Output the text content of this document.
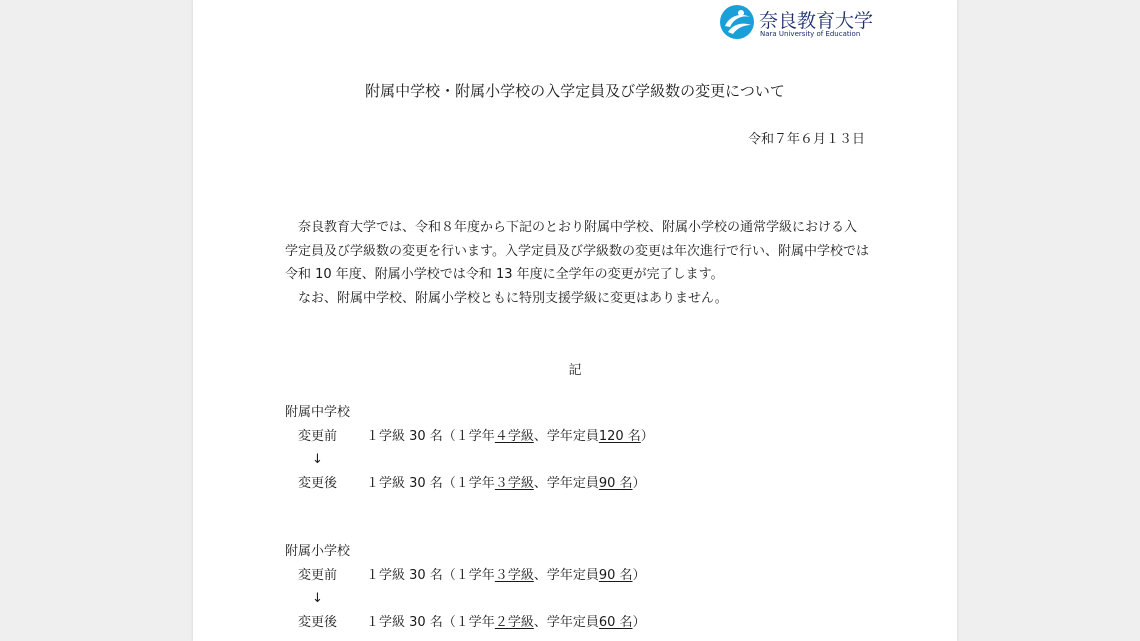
奈良教育大学
Nara University of Education
附属中学校・附属小学校の入学定員及び学級数の変更について
令和７年６月１３日

奈良教育大学では、令和８年度から下記のとおり附属中学校、附属小学校の通常学級における入学定員及び学級数の変更を行います。入学定員及び学級数の変更は年次進行で行い、附属中学校では令和 10 年度、附属小学校では令和 13 年度に全学年の変更が完了します。

なお、附属中学校、附属小学校ともに特別支援学級に変更はありません。

記
附属中学校
変更前 １学級 30 名（１学年４学級、学年定員120 名）
↓
変更後 １学級 30 名（１学年３学級、学年定員90 名）
附属小学校
変更前 １学級 30 名（１学年３学級、学年定員90 名）
↓
変更後 １学級 30 名（１学年２学級、学年定員60 名）
